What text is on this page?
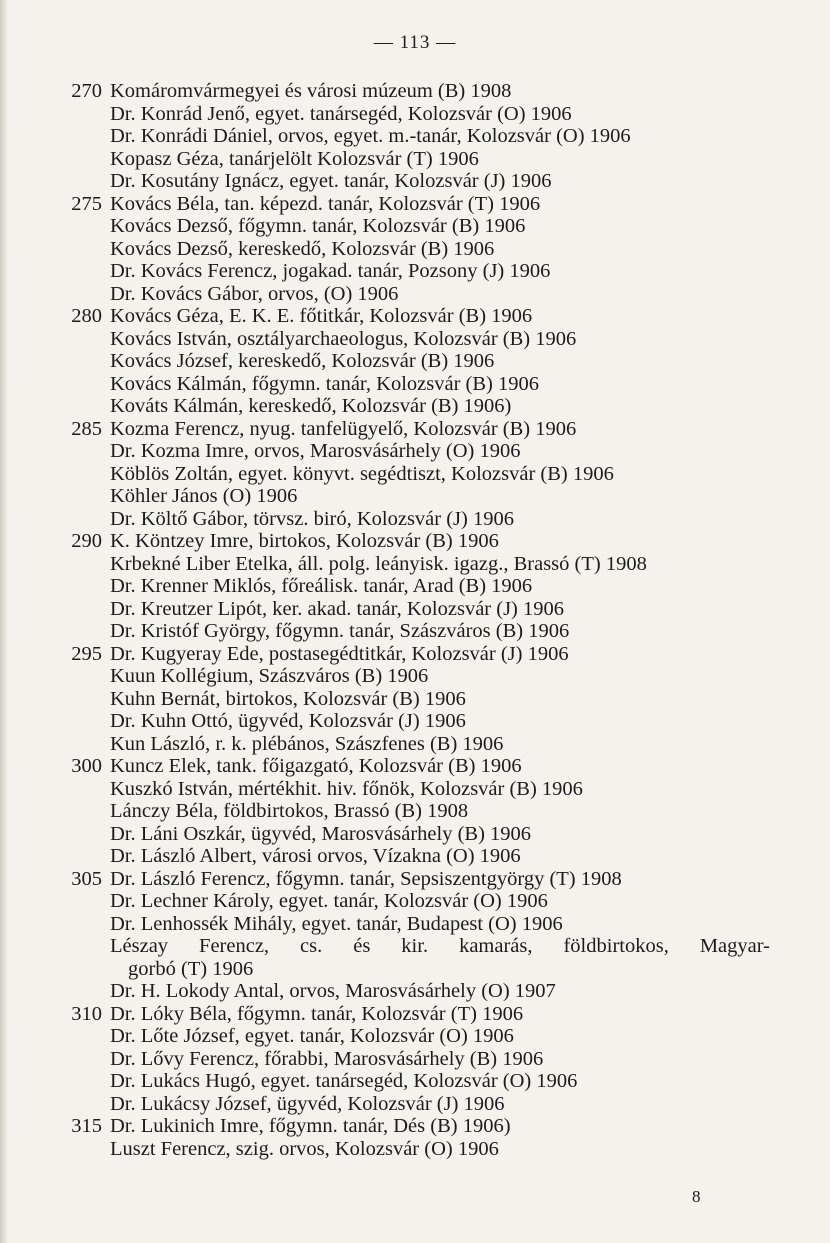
— 113 —
270 Komáromvármegyei és városi múzeum (B) 1908
Dr. Konrád Jenő, egyet. tanársegéd, Kolozsvár (O) 1906
Dr. Konrádi Dániel, orvos, egyet. m.-tanár, Kolozsvár (O) 1906
Kopasz Géza, tanárjelölt Kolozsvár (T) 1906
Dr. Kosutány Ignácz, egyet. tanár, Kolozsvár (J) 1906
275 Kovács Béla, tan. képezd. tanár, Kolozsvár (T) 1906
Kovács Dezső, főgymn. tanár, Kolozsvár (B) 1906
Kovács Dezső, kereskedő, Kolozsvár (B) 1906
Dr. Kovács Ferencz, jogakad. tanár, Pozsony (J) 1906
Dr. Kovács Gábor, orvos, (O) 1906
280 Kovács Géza, E. K. E. főtitkár, Kolozsvár (B) 1906
Kovács István, osztályarchaeologus, Kolozsvár (B) 1906
Kovács József, kereskedő, Kolozsvár (B) 1906
Kovács Kálmán, főgymn. tanár, Kolozsvár (B) 1906
Kováts Kálmán, kereskedő, Kolozsvár (B) 1906)
285 Kozma Ferencz, nyug. tanfelügyelő, Kolozsvár (B) 1906
Dr. Kozma Imre, orvos, Marosvásárhely (O) 1906
Köblös Zoltán, egyet. könyvt. segédtiszt, Kolozsvár (B) 1906
Köhler János (O) 1906
Dr. Költő Gábor, törvsz. biró, Kolozsvár (J) 1906
290 K. Köntzey Imre, birtokos, Kolozsvár (B) 1906
Krbekné Liber Etelka, áll. polg. leányisk. igazg., Brassó (T) 1908
Dr. Krenner Miklós, főreálisk. tanár, Arad (B) 1906
Dr. Kreutzer Lipót, ker. akad. tanár, Kolozsvár (J) 1906
Dr. Kristóf György, főgymn. tanár, Szászváros (B) 1906
295 Dr. Kugyeray Ede, postasegédtitkár, Kolozsvár (J) 1906
Kuun Kollégium, Szászváros (B) 1906
Kuhn Bernát, birtokos, Kolozsvár (B) 1906
Dr. Kuhn Ottó, ügyvéd, Kolozsvár (J) 1906
Kun László, r. k. plébános, Szászfenes (B) 1906
300 Kuncz Elek, tank. főigazgató, Kolozsvár (B) 1906
Kuszkó István, mértékhit. hiv. főnök, Kolozsvár (B) 1906
Lánczy Béla, földbirtokos, Brassó (B) 1908
Dr. Láni Oszkár, ügyvéd, Marosvásárhely (B) 1906
Dr. László Albert, városi orvos, Vízakna (O) 1906
305 Dr. László Ferencz, főgymn. tanár, Sepsiszentgyörgy (T) 1908
Dr. Lechner Károly, egyet. tanár, Kolozsvár (O) 1906
Dr. Lenhossék Mihály, egyet. tanár, Budapest (O) 1906
Lészay Ferencz, cs. és kir. kamarás, földbirtokos, Magyar-
gorbó (T) 1906
Dr. H. Lokody Antal, orvos, Marosvásárhely (O) 1907
310 Dr. Lóky Béla, főgymn. tanár, Kolozsvár (T) 1906
Dr. Lőte József, egyet. tanár, Kolozsvár (O) 1906
Dr. Lővy Ferencz, főrabbi, Marosvásárhely (B) 1906
Dr. Lukács Hugó, egyet. tanársegéd, Kolozsvár (O) 1906
Dr. Lukácsy József, ügyvéd, Kolozsvár (J) 1906
315 Dr. Lukinich Imre, főgymn. tanár, Dés (B) 1906)
Luszt Ferencz, szig. orvos, Kolozsvár (O) 1906
8
